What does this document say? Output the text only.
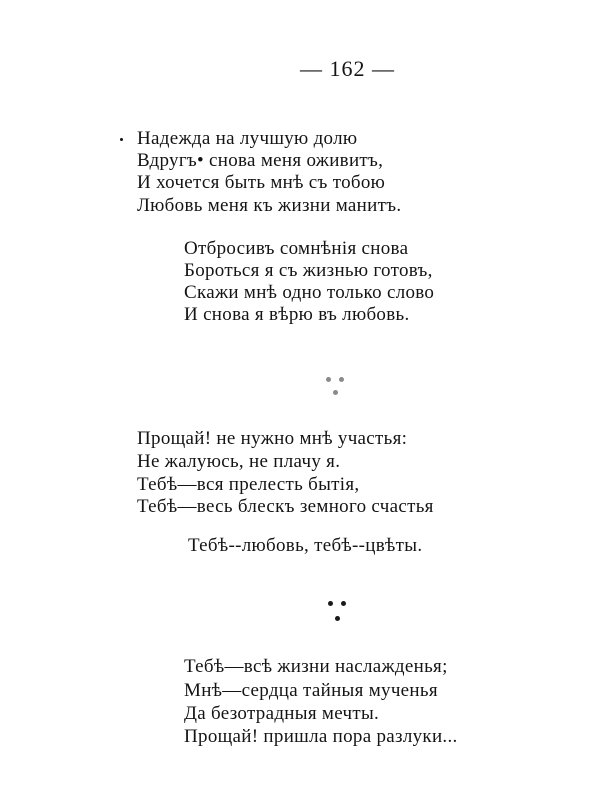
— 162 —
Надежда на лучшую долю
Вдругъ• снова меня оживитъ,
И хочется быть мнѣ съ тобою
Любовь меня къ жизни манитъ.
Отбросивъ сомнѣнія снова
Бороться я съ жизнью готовъ,
Скажи мнѣ одно только слово
И снова я вѣрю въ любовь.
Прощай! не нужно мнѣ участья:
Не жалуюсь, не плачу я.
Тебѣ—вся прелесть бытія,
Тебѣ—весь блескъ земного счастья
Тебѣ--любовь, тебѣ--цвѣты.
Тебѣ—всѣ жизни наслажденья;
Мнѣ—сердца тайныя мученья
Да безотрадныя мечты.
Прощай! пришла пора разлуки...
